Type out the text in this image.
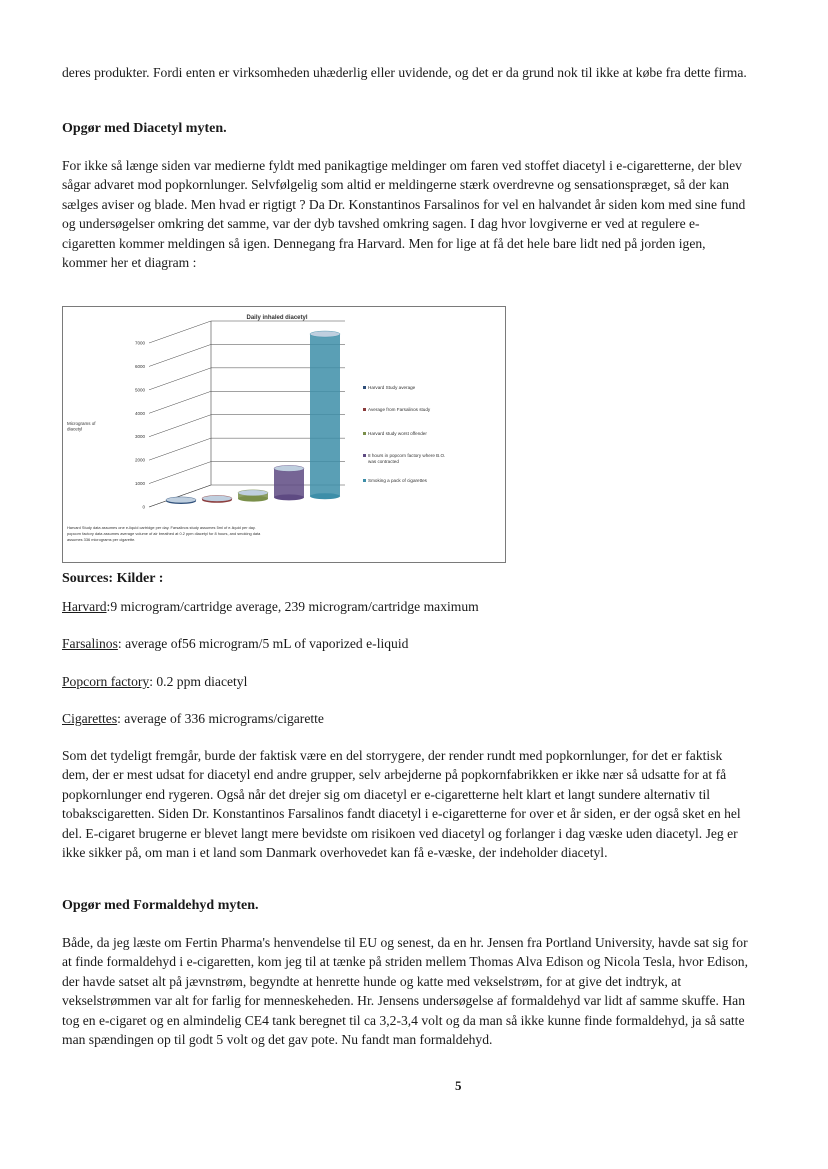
deres produkter. Fordi enten er virksomheden uhæderlig eller uvidende, og det er da grund nok til ikke at købe fra dette firma.

Opgør med Diacetyl myten.

For ikke så længe siden var medierne fyldt med panikagtige meldinger om faren ved stoffet diacetyl i e-cigaretterne, der blev sågar advaret mod popkornlunger. Selvfølgelig som altid er meldingerne stærk overdrevne og sensationspræget, så der kan sælges aviser og blade. Men hvad er rigtigt ? Da Dr. Konstantinos Farsalinos for vel en halvandet år siden kom med sine fund og undersøgelser omkring det samme, var der dyb tavshed omkring sagen. I dag hvor lovgiverne er ved at regulere e-cigaretten kommer meldingen så igen. Dennegang fra Harvard. Men for lige at få det hele bare lidt ned på jorden igen, kommer her et diagram :

Daily inhaled diacetyl
0
1000
2000
3000
4000
5000
6000
7000
Micrograms of diacetyl
Harvard Study average
Average from Farsalinos study
Harvard study worst offender
8 hours in popcorn factory where B.O. was contracted
Smoking a pack of cigarettes
Harvard Study data assumes one e-liquid cartridge per day. Farsalinos study assumes 5ml of e-liquid per day.
popcorn factory data assumes average volume of air breathed at 0.2 ppm diacetyl for 8 hours, and smoking data
assumes 336 micrograms per cigarette.

Sources: Kilder :

Harvard:9 microgram/cartridge average, 239 microgram/cartridge maximum
Farsalinos: average of56 microgram/5 mL of vaporized e-liquid
Popcorn factory: 0.2 ppm diacetyl
Cigarettes: average of 336 micrograms/cigarette

Som det tydeligt fremgår, burde der faktisk være en del storrygere, der render rundt med popkornlunger, for det er faktisk dem, der er mest udsat for diacetyl end andre grupper, selv arbejderne på popkornfabrikken er ikke nær så udsatte for at få popkornlunger end rygeren. Også når det drejer sig om diacetyl er e-cigaretterne helt klart et langt sundere alternativ til tobakscigaretten. Siden Dr. Konstantinos Farsalinos fandt diacetyl i e-cigaretterne for over et år siden, er der også sket en hel del. E-cigaret brugerne er blevet langt mere bevidste om risikoen ved diacetyl og forlanger i dag væske uden diacetyl. Jeg er ikke sikker på, om man i et land som Danmark overhovedet kan få e-væske, der indeholder diacetyl.

Opgør med Formaldehyd myten.

Både, da jeg læste om Fertin Pharma's henvendelse til EU og senest, da en hr. Jensen fra Portland University, havde sat sig for at finde formaldehyd i e-cigaretten, kom jeg til at tænke på striden mellem Thomas Alva Edison og Nicola Tesla, hvor Edison, der havde satset alt på jævnstrøm, begyndte at henrette hunde og katte med vekselstrøm, for at give det indtryk, at vekselstrømmen var alt for farlig for menneskeheden. Hr. Jensens undersøgelse af formaldehyd var lidt af samme skuffe. Han tog en e-cigaret og en almindelig CE4 tank beregnet til ca 3,2-3,4 volt og da man så ikke kunne finde formaldehyd, ja så satte man spændingen op til godt 5 volt og det gav pote. Nu fandt man formaldehyd.

5
